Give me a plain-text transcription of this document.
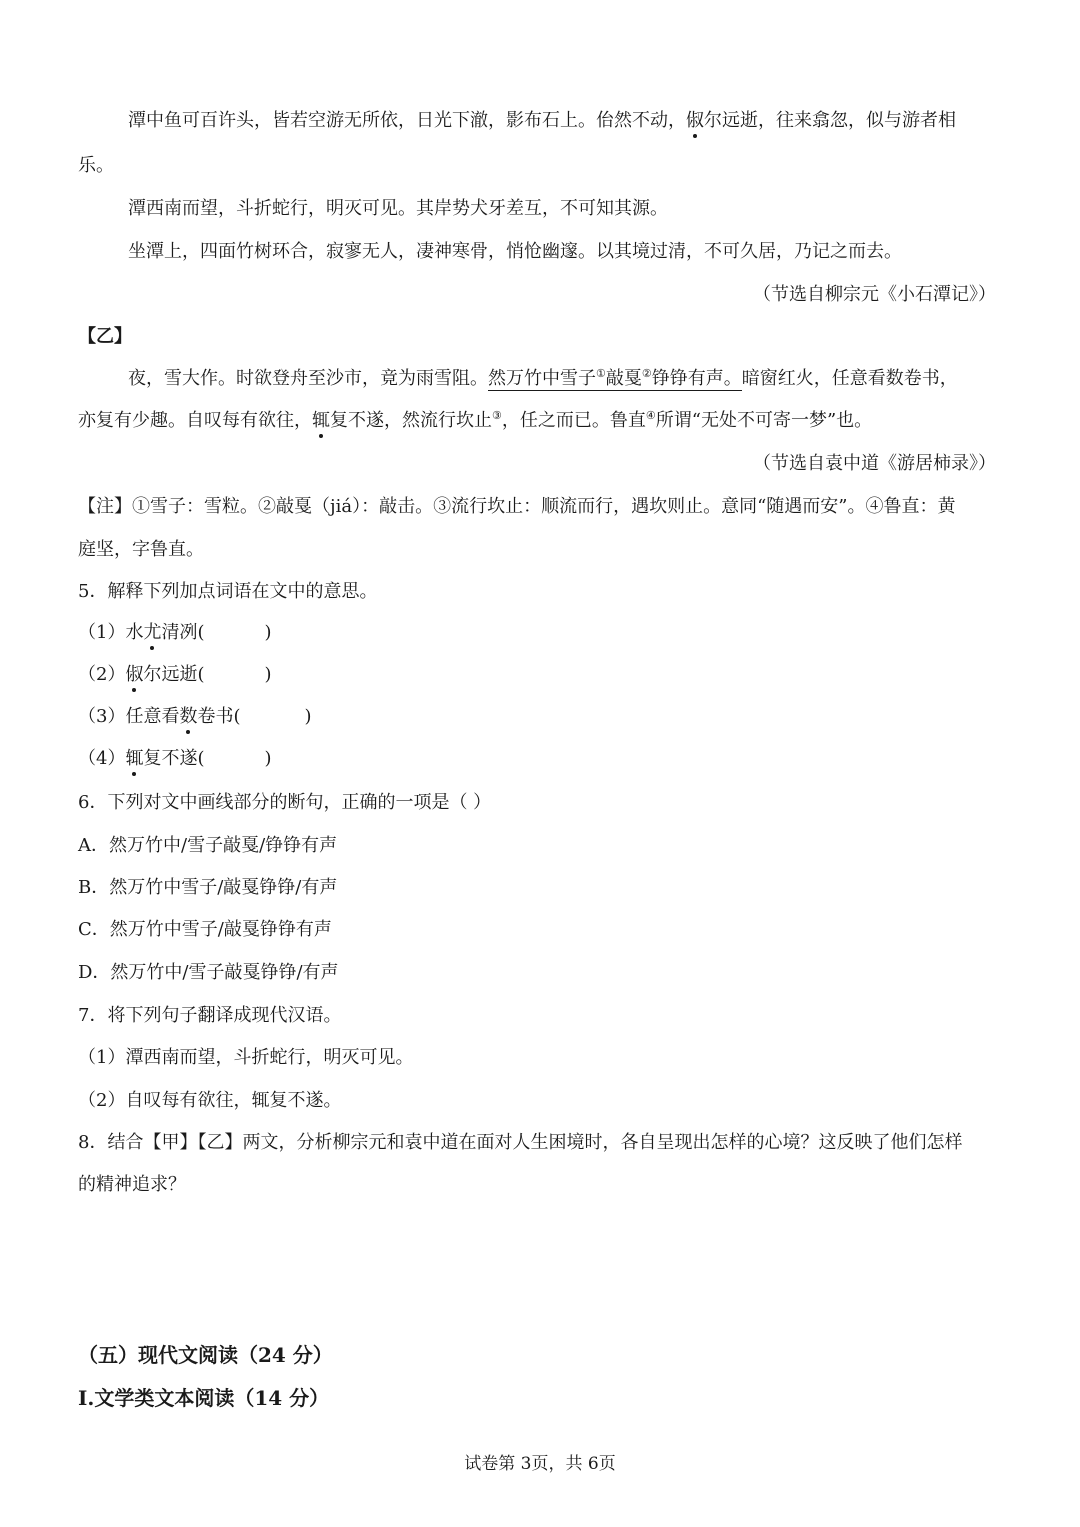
潭中鱼可百许头，皆若空游无所依，日光下澈，影布石上。佁然不动，俶尔远逝，往来翕忽，似与游者相
乐。
潭西南而望，斗折蛇行，明灭可见。其岸势犬牙差互，不可知其源。
坐潭上，四面竹树环合，寂寥无人，凄神寒骨，悄怆幽邃。以其境过清，不可久居，乃记之而去。
（节选自柳宗元《小石潭记》）
【乙】
夜，雪大作。时欲登舟至沙市，竟为雨雪阻。然万竹中雪子①敲戛②铮铮有声。暗窗红火，任意看数卷书，
亦复有少趣。自叹每有欲往，辄复不遂，然流行坎止③，任之而已。鲁直④所谓“无处不可寄一梦”也。
（节选自袁中道《游居柿录》）
【注】①雪子：雪粒。②敲戛（jiá）：敲击。③流行坎止：顺流而行，遇坎则止。意同“随遇而安”。④鲁直：黄
庭坚，字鲁直。
5．解释下列加点词语在文中的意思。
（1）水尤清冽(	)
（2）俶尔远逝(	)
（3）任意看数卷书(	)
（4）辄复不遂(	)
6．下列对文中画线部分的断句，正确的一项是（ ）
A．然万竹中/雪子敲戛/铮铮有声
B．然万竹中雪子/敲戛铮铮/有声
C．然万竹中雪子/敲戛铮铮有声
D．然万竹中/雪子敲戛铮铮/有声
7．将下列句子翻译成现代汉语。
（1）潭西南而望，斗折蛇行，明灭可见。
（2）自叹每有欲往，辄复不遂。
8．结合【甲】【乙】两文，分析柳宗元和袁中道在面对人生困境时，各自呈现出怎样的心境？这反映了他们怎样
的精神追求？
（五）现代文阅读（24 分）
I.文学类文本阅读（14 分）
试卷第 3页，共 6页
